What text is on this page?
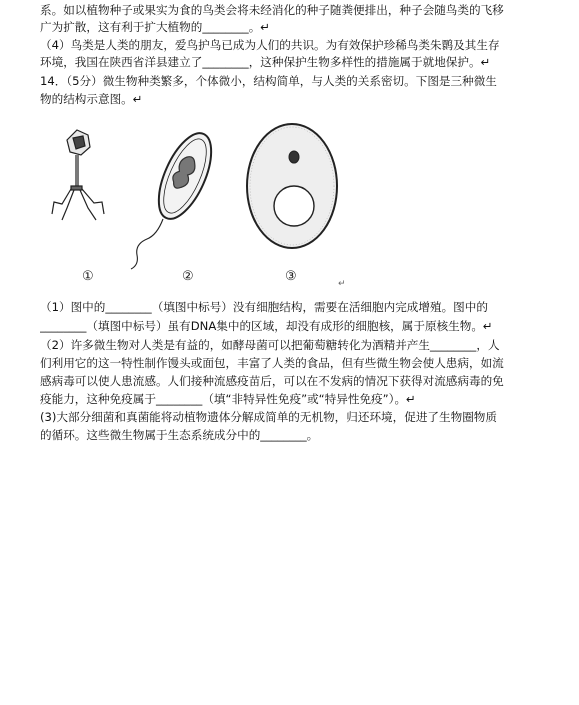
系。如以植物种子或果实为食的鸟类会将未经消化的种子随粪便排出，种子会随鸟类的飞移
广为扩散，这有利于扩大植物的________。↵
（4）鸟类是人类的朋友，爱鸟护鸟已成为人们的共识。为有效保护珍稀鸟类朱鹮及其生存
环境，我国在陕西省洋县建立了________，这种保护生物多样性的措施属于就地保护。↵
14．（5分）微生物种类繁多，个体微小，结构简单，与人类的关系密切。下图是三种微生
物的结构示意图。↵
①	②	③	↵
（1）图中的________（填图中标号）没有细胞结构，需要在活细胞内完成增殖。图中的
________（填图中标号）虽有DNA集中的区域，却没有成形的细胞核，属于原核生物。↵
（2）许多微生物对人类是有益的，如酵母菌可以把葡萄糖转化为酒精并产生________，人
们利用它的这一特性制作馒头或面包，丰富了人类的食品，但有些微生物会使人患病，如流
感病毒可以使人患流感。人们接种流感疫苗后，可以在不发病的情况下获得对流感病毒的免
疫能力，这种免疫属于________（填“非特异性免疫”或“特异性免疫”）。↵
(3)大部分细菌和真菌能将动植物遗体分解成简单的无机物，归还环境，促进了生物圈物质
的循环。这些微生物属于生态系统成分中的________。
